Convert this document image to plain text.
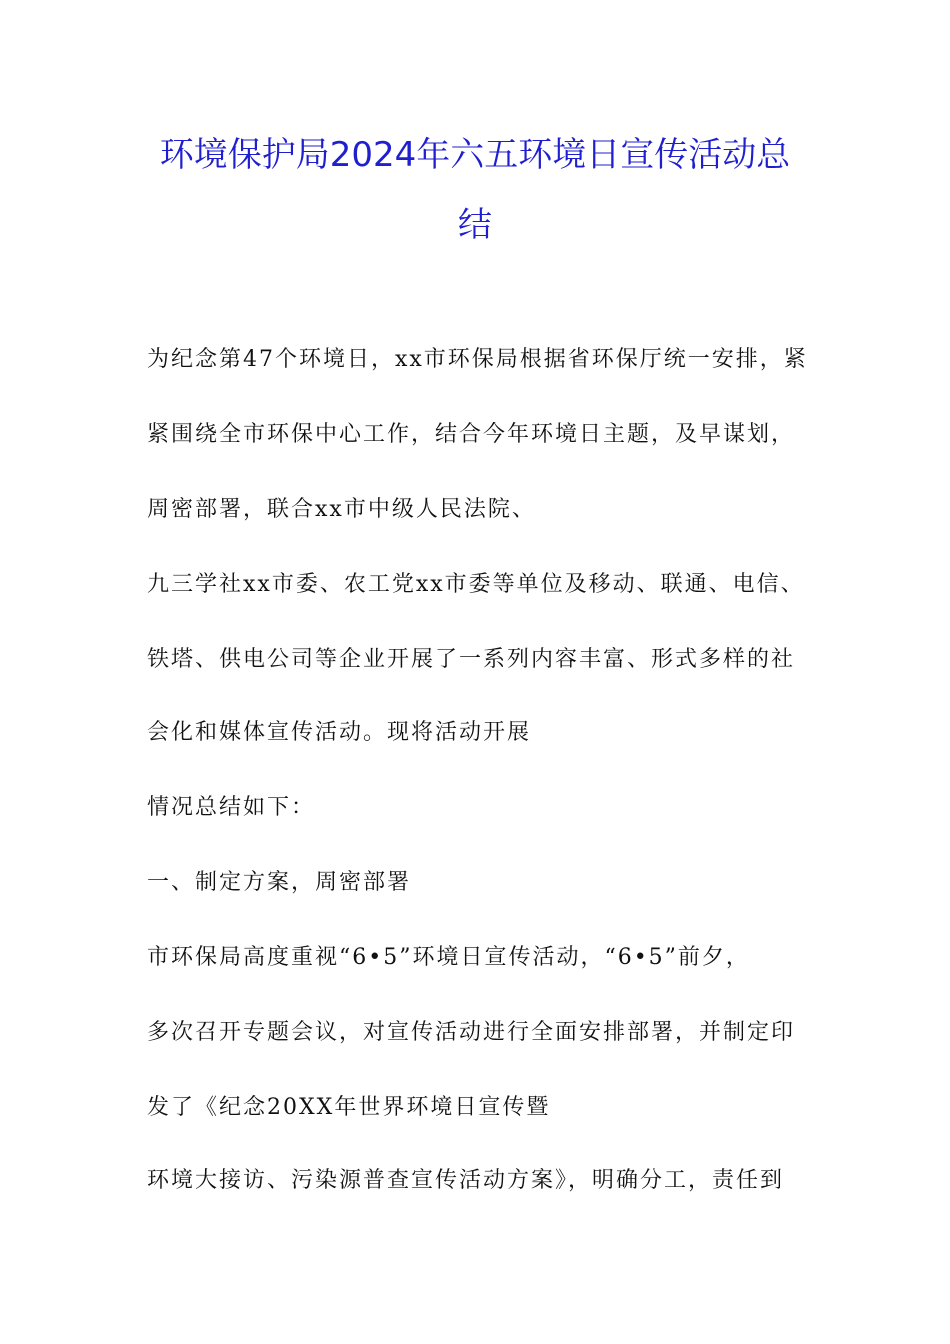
环境保护局2024年六五环境日宣传活动总
结
为纪念第47个环境日，xx市环保局根据省环保厅统一安排，紧
紧围绕全市环保中心工作，结合今年环境日主题，及早谋划，
周密部署，联合xx市中级人民法院、
九三学社xx市委、农工党xx市委等单位及移动、联通、电信、
铁塔、供电公司等企业开展了一系列内容丰富、形式多样的社
会化和媒体宣传活动。现将活动开展
情况总结如下：
一、制定方案，周密部署
市环保局高度重视“6•5”环境日宣传活动，“6•5”前夕，
多次召开专题会议，对宣传活动进行全面安排部署，并制定印
发了《纪念20XX年世界环境日宣传暨
环境大接访、污染源普查宣传活动方案》，明确分工，责任到
